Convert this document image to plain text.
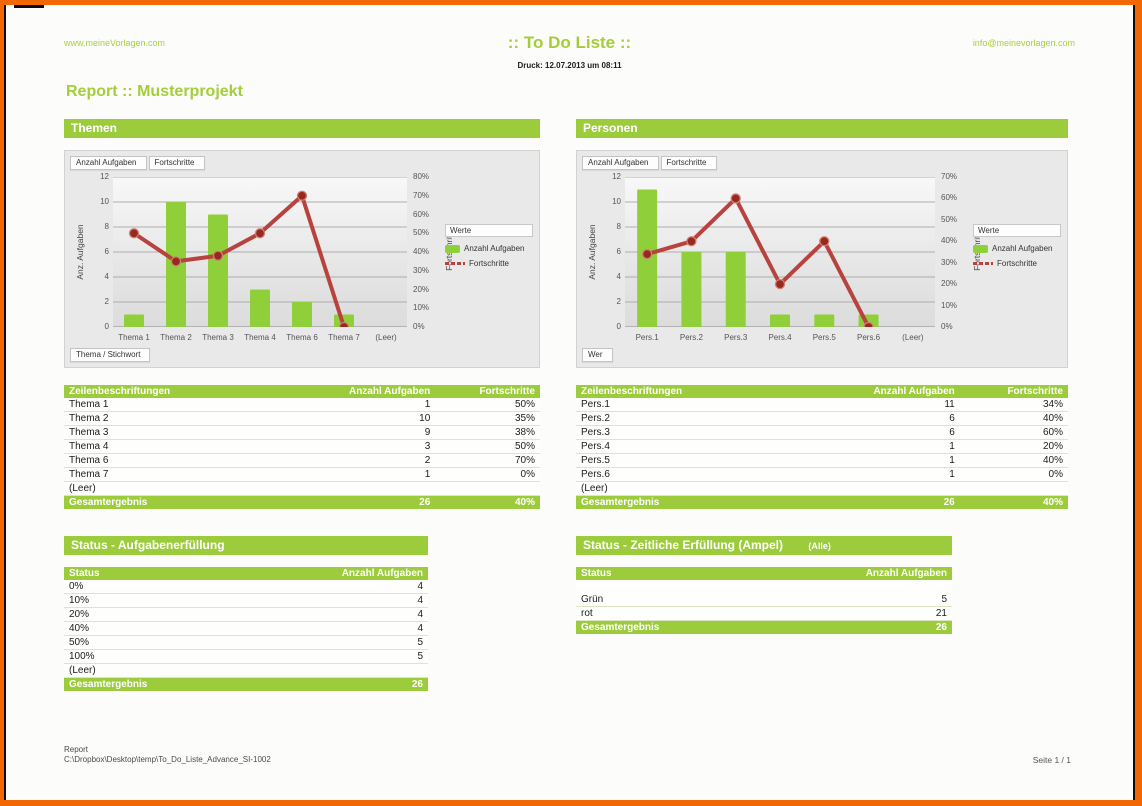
www.meineVorlagen.com	:: To Do Liste ::
Druck: 12.07.2013 um 08:11
info@meinevorlagen.com
Report :: Musterprojekt
Themen
0
2
4
6
8
10
12
0%
10%
20%
30%
40%
50%
60%
70%
80%
Thema 1	Thema 2	Thema 3	Thema 4	Thema 6	Thema 7	(Leer)
Anz. Aufgaben
Anzahl Aufgaben	Fortschritte
Thema / Stichwort
Werte
Anzahl Aufgaben
Fortschritte
Zeilenbeschriftungen	Anzahl Aufgaben	Fortschritte
Thema 1	1	50%
Thema 2	10	35%
Thema 3	9	38%
Thema 4	3	50%
Thema 6	2	70%
Thema 7	1	0%
(Leer)		
Gesamtergebnis	26	40%
Personen
0
2
4
6
8
10
12
0%
10%
20%
30%
40%
50%
60%
70%
Pers.1	Pers.2	Pers.3	Pers.4	Pers.5	Pers.6	(Leer)
Anz. Aufgaben
Anzahl Aufgaben	Fortschritte
Wer
Werte
Anzahl Aufgaben
Fortschritte
Zeilenbeschriftungen	Anzahl Aufgaben	Fortschritte
Pers.1	11	34%
Pers.2	6	40%
Pers.3	6	60%
Pers.4	1	20%
Pers.5	1	40%
Pers.6	1	0%
(Leer)		
Gesamtergebnis	26	40%
Status - Aufgabenerfüllung
Status	Anzahl Aufgaben
0%	4
10%	4
20%	4
40%	4
50%	5
100%	5
(Leer)	
Gesamtergebnis	26
Status - Zeitliche Erfüllung (Ampel)	(Alle)
Status	Anzahl Aufgaben

Grün	5
rot	21
Gesamtergebnis	26
Report
C:\Dropbox\Desktop\temp\To_Do_Liste_Advance_SI-1002	Seite 1 / 1
